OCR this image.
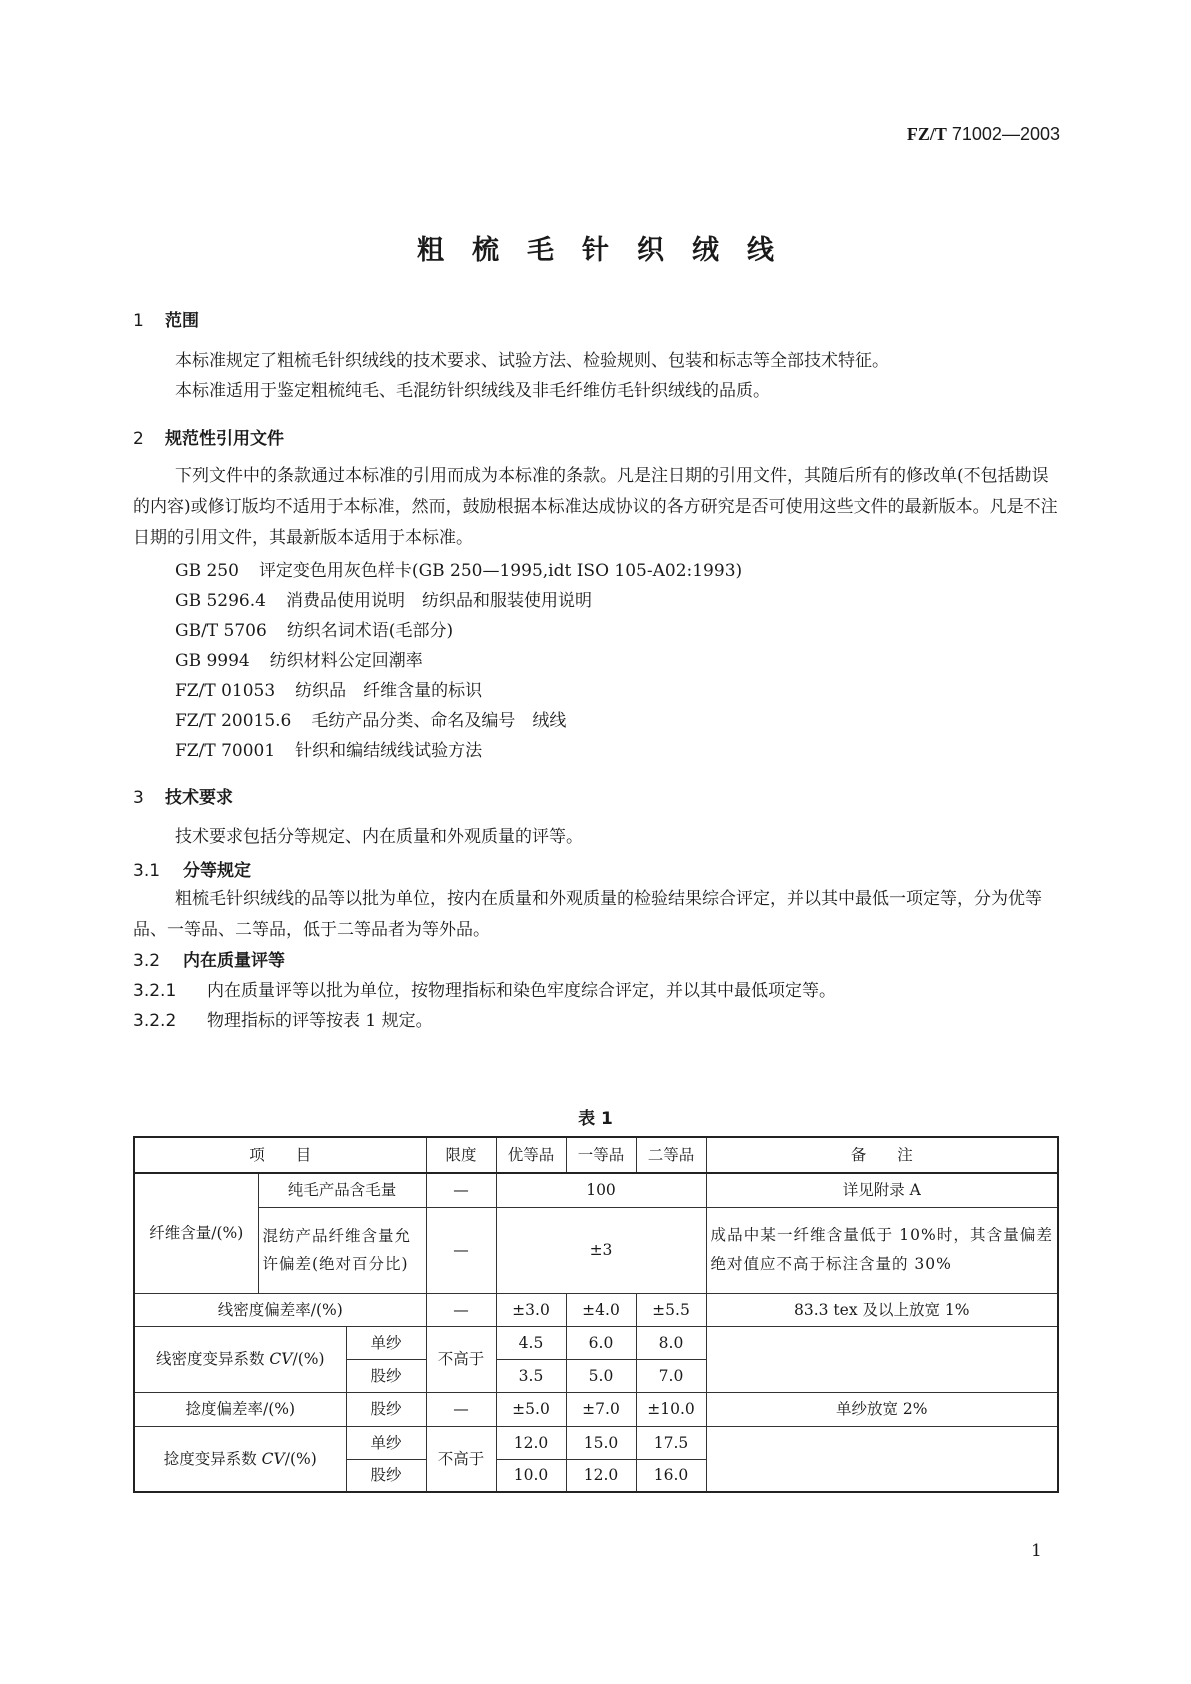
FZ/T 71002—2003
粗梳毛针织绒线
1 范围
本标准规定了粗梳毛针织绒线的技术要求、试验方法、检验规则、包装和标志等全部技术特征。
本标准适用于鉴定粗梳纯毛、毛混纺针织绒线及非毛纤维仿毛针织绒线的品质。
2 规范性引用文件
下列文件中的条款通过本标准的引用而成为本标准的条款。凡是注日期的引用文件，其随后所有的修改单(不包括勘误的内容)或修订版均不适用于本标准，然而，鼓励根据本标准达成协议的各方研究是否可使用这些文件的最新版本。凡是不注日期的引用文件，其最新版本适用于本标准。
GB 250 评定变色用灰色样卡(GB 250—1995,idt ISO 105-A02:1993)
GB 5296.4 消费品使用说明　纺织品和服装使用说明
GB/T 5706 纺织名词术语(毛部分)
GB 9994 纺织材料公定回潮率
FZ/T 01053 纺织品　纤维含量的标识
FZ/T 20015.6 毛纺产品分类、命名及编号　绒线
FZ/T 70001 针织和编结绒线试验方法
3 技术要求
技术要求包括分等规定、内在质量和外观质量的评等。
3.1 分等规定
粗梳毛针织绒线的品等以批为单位，按内在质量和外观质量的检验结果综合评定，并以其中最低一项定等，分为优等品、一等品、二等品，低于二等品者为等外品。
3.2 内在质量评等
3.2.1 内在质量评等以批为单位，按物理指标和染色牢度综合评定，并以其中最低项定等。
3.2.2 物理指标的评等按表 1 规定。
表 1
项　　目			限度	优等品	一等品	二等品	备　　注
纤维含量/(%)	纯毛产品含毛量		—	100			详见附录 A
	混纺产品纤维含量允许偏差(绝对百分比)		—	±3			成品中某一纤维含量低于 10%时，其含量偏差绝对值应不高于标注含量的 30%
线密度偏差率/(%)			—	±3.0	±4.0	±5.5	83.3 tex 及以上放宽 1%
线密度变异系数 CV/(%)		单纱	不高于	4.5	6.0	8.0	
		股纱		3.5	5.0	7.0	
捻度偏差率/(%)		股纱	—	±5.0	±7.0	±10.0	单纱放宽 2%
捻度变异系数 CV/(%)		单纱	不高于	12.0	15.0	17.5	
		股纱		10.0	12.0	16.0	
1
